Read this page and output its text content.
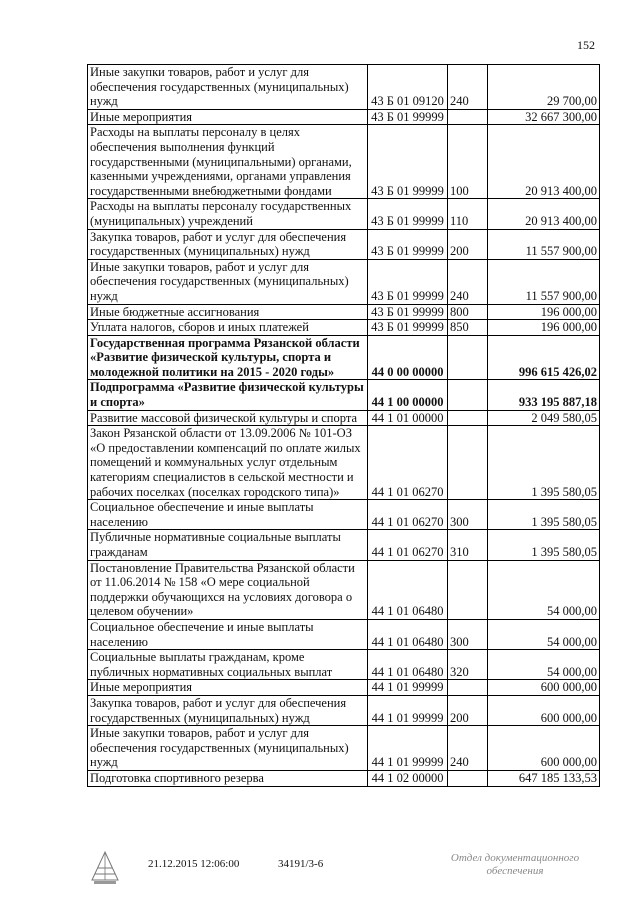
152
Иные закупки товаров, работ и услуг для обеспечения государственных (муниципальных) нужд	43 Б 01 09120	240	29 700,00
Иные мероприятия	43 Б 01 99999		32 667 300,00
Расходы на выплаты персоналу в целях обеспечения выполнения функций государственными (муниципальными) органами, казенными учреждениями, органами управления государственными внебюджетными фондами	43 Б 01 99999	100	20 913 400,00
Расходы на выплаты персоналу государственных (муниципальных) учреждений	43 Б 01 99999	110	20 913 400,00
Закупка товаров, работ и услуг для обеспечения государственных (муниципальных) нужд	43 Б 01 99999	200	11 557 900,00
Иные закупки товаров, работ и услуг для обеспечения государственных (муниципальных) нужд	43 Б 01 99999	240	11 557 900,00
Иные бюджетные ассигнования	43 Б 01 99999	800	196 000,00
Уплата налогов, сборов и иных платежей	43 Б 01 99999	850	196 000,00
Государственная программа Рязанской области «Развитие физической культуры, спорта и молодежной политики на 2015 - 2020 годы»	44 0 00 00000		996 615 426,02
Подпрограмма «Развитие физической культуры и спорта»	44 1 00 00000		933 195 887,18
Развитие массовой физической культуры и спорта	44 1 01 00000		2 049 580,05
Закон Рязанской области от 13.09.2006 № 101-ОЗ «О предоставлении компенсаций по оплате жилых помещений и коммунальных услуг отдельным категориям специалистов в сельской местности и рабочих поселках (поселках городского типа)»	44 1 01 06270		1 395 580,05
Социальное обеспечение и иные выплаты населению	44 1 01 06270	300	1 395 580,05
Публичные нормативные социальные выплаты гражданам	44 1 01 06270	310	1 395 580,05
Постановление Правительства Рязанской области от 11.06.2014 № 158 «О мере социальной поддержки обучающихся на условиях договора о целевом обучении»	44 1 01 06480		54 000,00
Социальное обеспечение и иные выплаты населению	44 1 01 06480	300	54 000,00
Социальные выплаты гражданам, кроме публичных нормативных социальных выплат	44 1 01 06480	320	54 000,00
Иные мероприятия	44 1 01 99999		600 000,00
Закупка товаров, работ и услуг для обеспечения государственных (муниципальных) нужд	44 1 01 99999	200	600 000,00
Иные закупки товаров, работ и услуг для обеспечения государственных (муниципальных) нужд	44 1 01 99999	240	600 000,00
Подготовка спортивного резерва	44 1 02 00000		647 185 133,53
21.12.2015 12:06:00	34191/3-6	Отдел документационного
обеспечения
